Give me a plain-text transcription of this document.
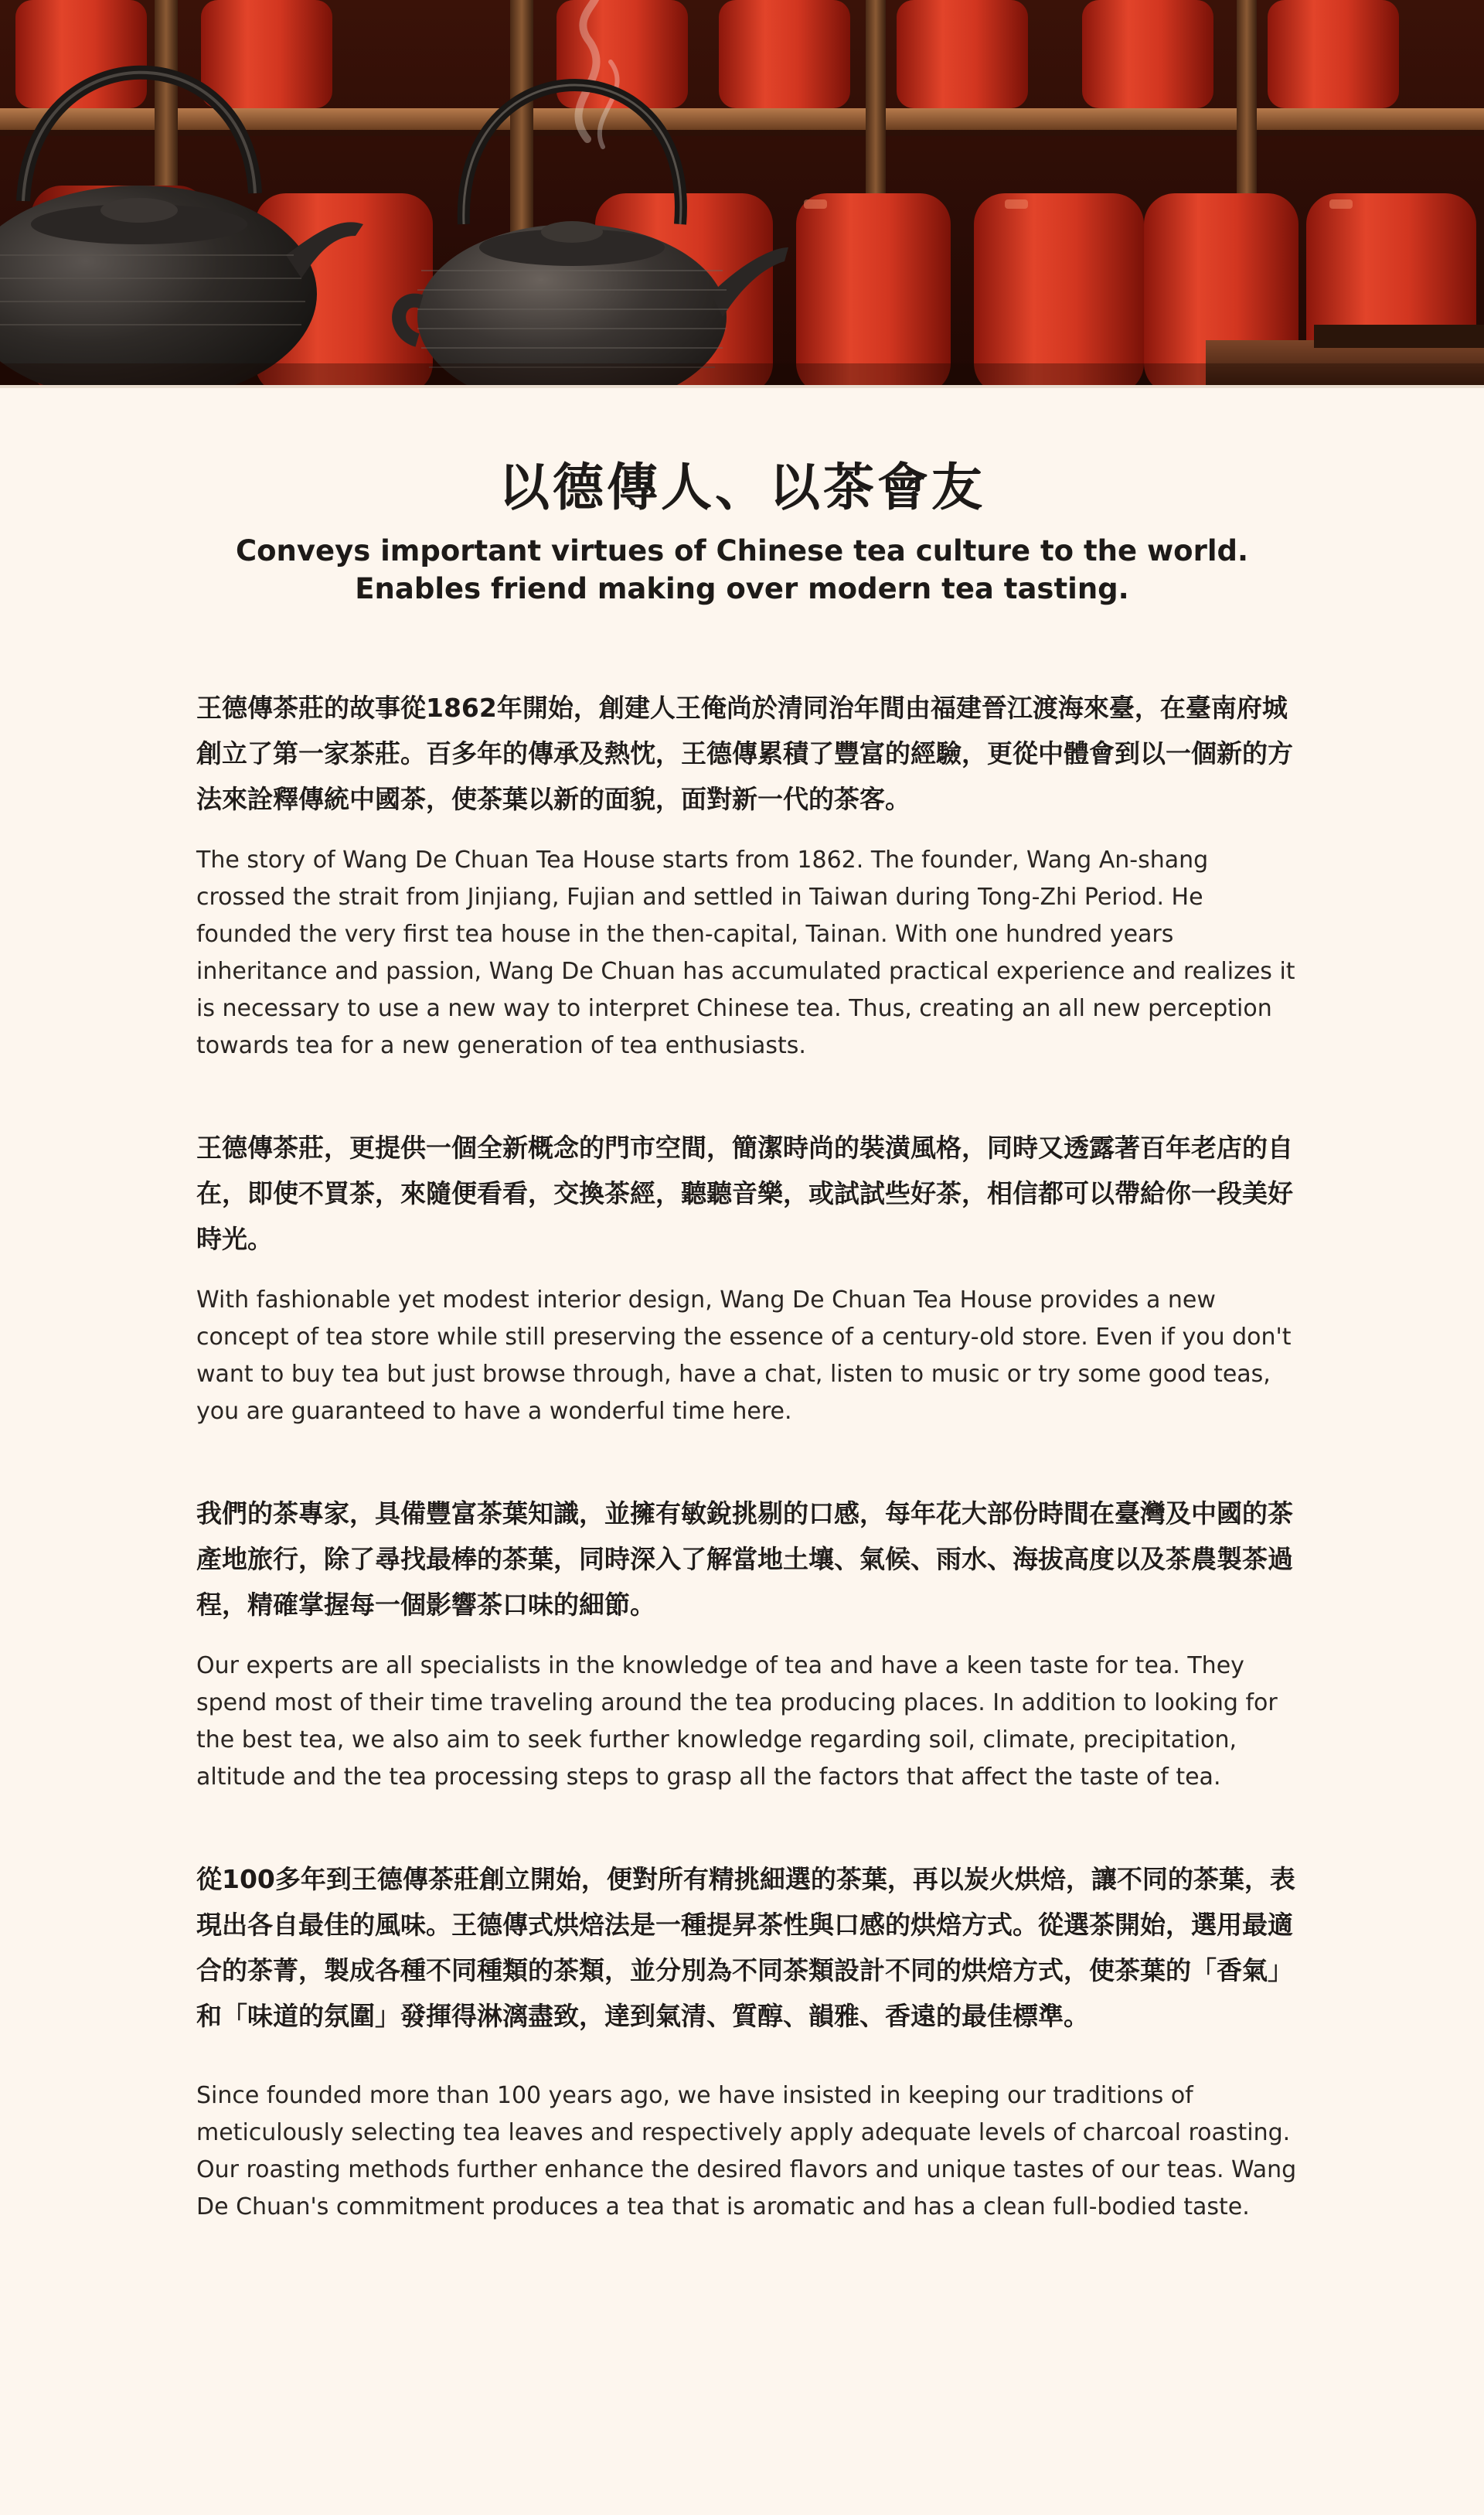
以德傳人、以茶會友
Conveys important virtues of Chinese tea culture to the world.
Enables friend making over modern tea tasting.

王德傳茶莊的故事從1862年開始，創建人王俺尚於清同治年間由福建晉江渡海來臺，在臺南府城創立了第一家茶莊。百多年的傳承及熱忱，王德傳累積了豐富的經驗，更從中體會到以一個新的方法來詮釋傳統中國茶，使茶葉以新的面貌，面對新一代的茶客。

The story of Wang De Chuan Tea House starts from 1862. The founder, Wang An-shang crossed the strait from Jinjiang, Fujian and settled in Taiwan during Tong-Zhi Period. He founded the very first tea house in the then-capital, Tainan. With one hundred years inheritance and passion, Wang De Chuan has accumulated practical experience and realizes it is necessary to use a new way to interpret Chinese tea. Thus, creating an all new perception towards tea for a new generation of tea enthusiasts.

王德傳茶莊，更提供一個全新概念的門市空間，簡潔時尚的裝潢風格，同時又透露著百年老店的自在，即使不買茶，來隨便看看，交換茶經，聽聽音樂，或試試些好茶，相信都可以帶給你一段美好時光。

With fashionable yet modest interior design, Wang De Chuan Tea House provides a new concept of tea store while still preserving the essence of a century-old store. Even if you don't want to buy tea but just browse through, have a chat, listen to music or try some good teas, you are guaranteed to have a wonderful time here.

我們的茶專家，具備豐富茶葉知識，並擁有敏銳挑剔的口感，每年花大部份時間在臺灣及中國的茶產地旅行，除了尋找最棒的茶葉，同時深入了解當地土壤、氣候、雨水、海拔高度以及茶農製茶過程，精確掌握每一個影響茶口味的細節。

Our experts are all specialists in the knowledge of tea and have a keen taste for tea. They spend most of their time traveling around the tea producing places. In addition to looking for the best tea, we also aim to seek further knowledge regarding soil, climate, precipitation, altitude and the tea processing steps to grasp all the factors that affect the taste of tea.

從100多年到王德傳茶莊創立開始，便對所有精挑細選的茶葉，再以炭火烘焙，讓不同的茶葉，表現出各自最佳的風味。王德傳式烘焙法是一種提昇茶性與口感的烘焙方式。從選茶開始，選用最適合的茶菁，製成各種不同種類的茶類，並分別為不同茶類設計不同的烘焙方式，使茶葉的「香氣」和「味道的氛圍」發揮得淋漓盡致，達到氣清、質醇、韻雅、香遠的最佳標準。

Since founded more than 100 years ago, we have insisted in keeping our traditions of meticulously selecting tea leaves and respectively apply adequate levels of charcoal roasting. Our roasting methods further enhance the desired flavors and unique tastes of our teas. Wang De Chuan's commitment produces a tea that is aromatic and has a clean full-bodied taste.
